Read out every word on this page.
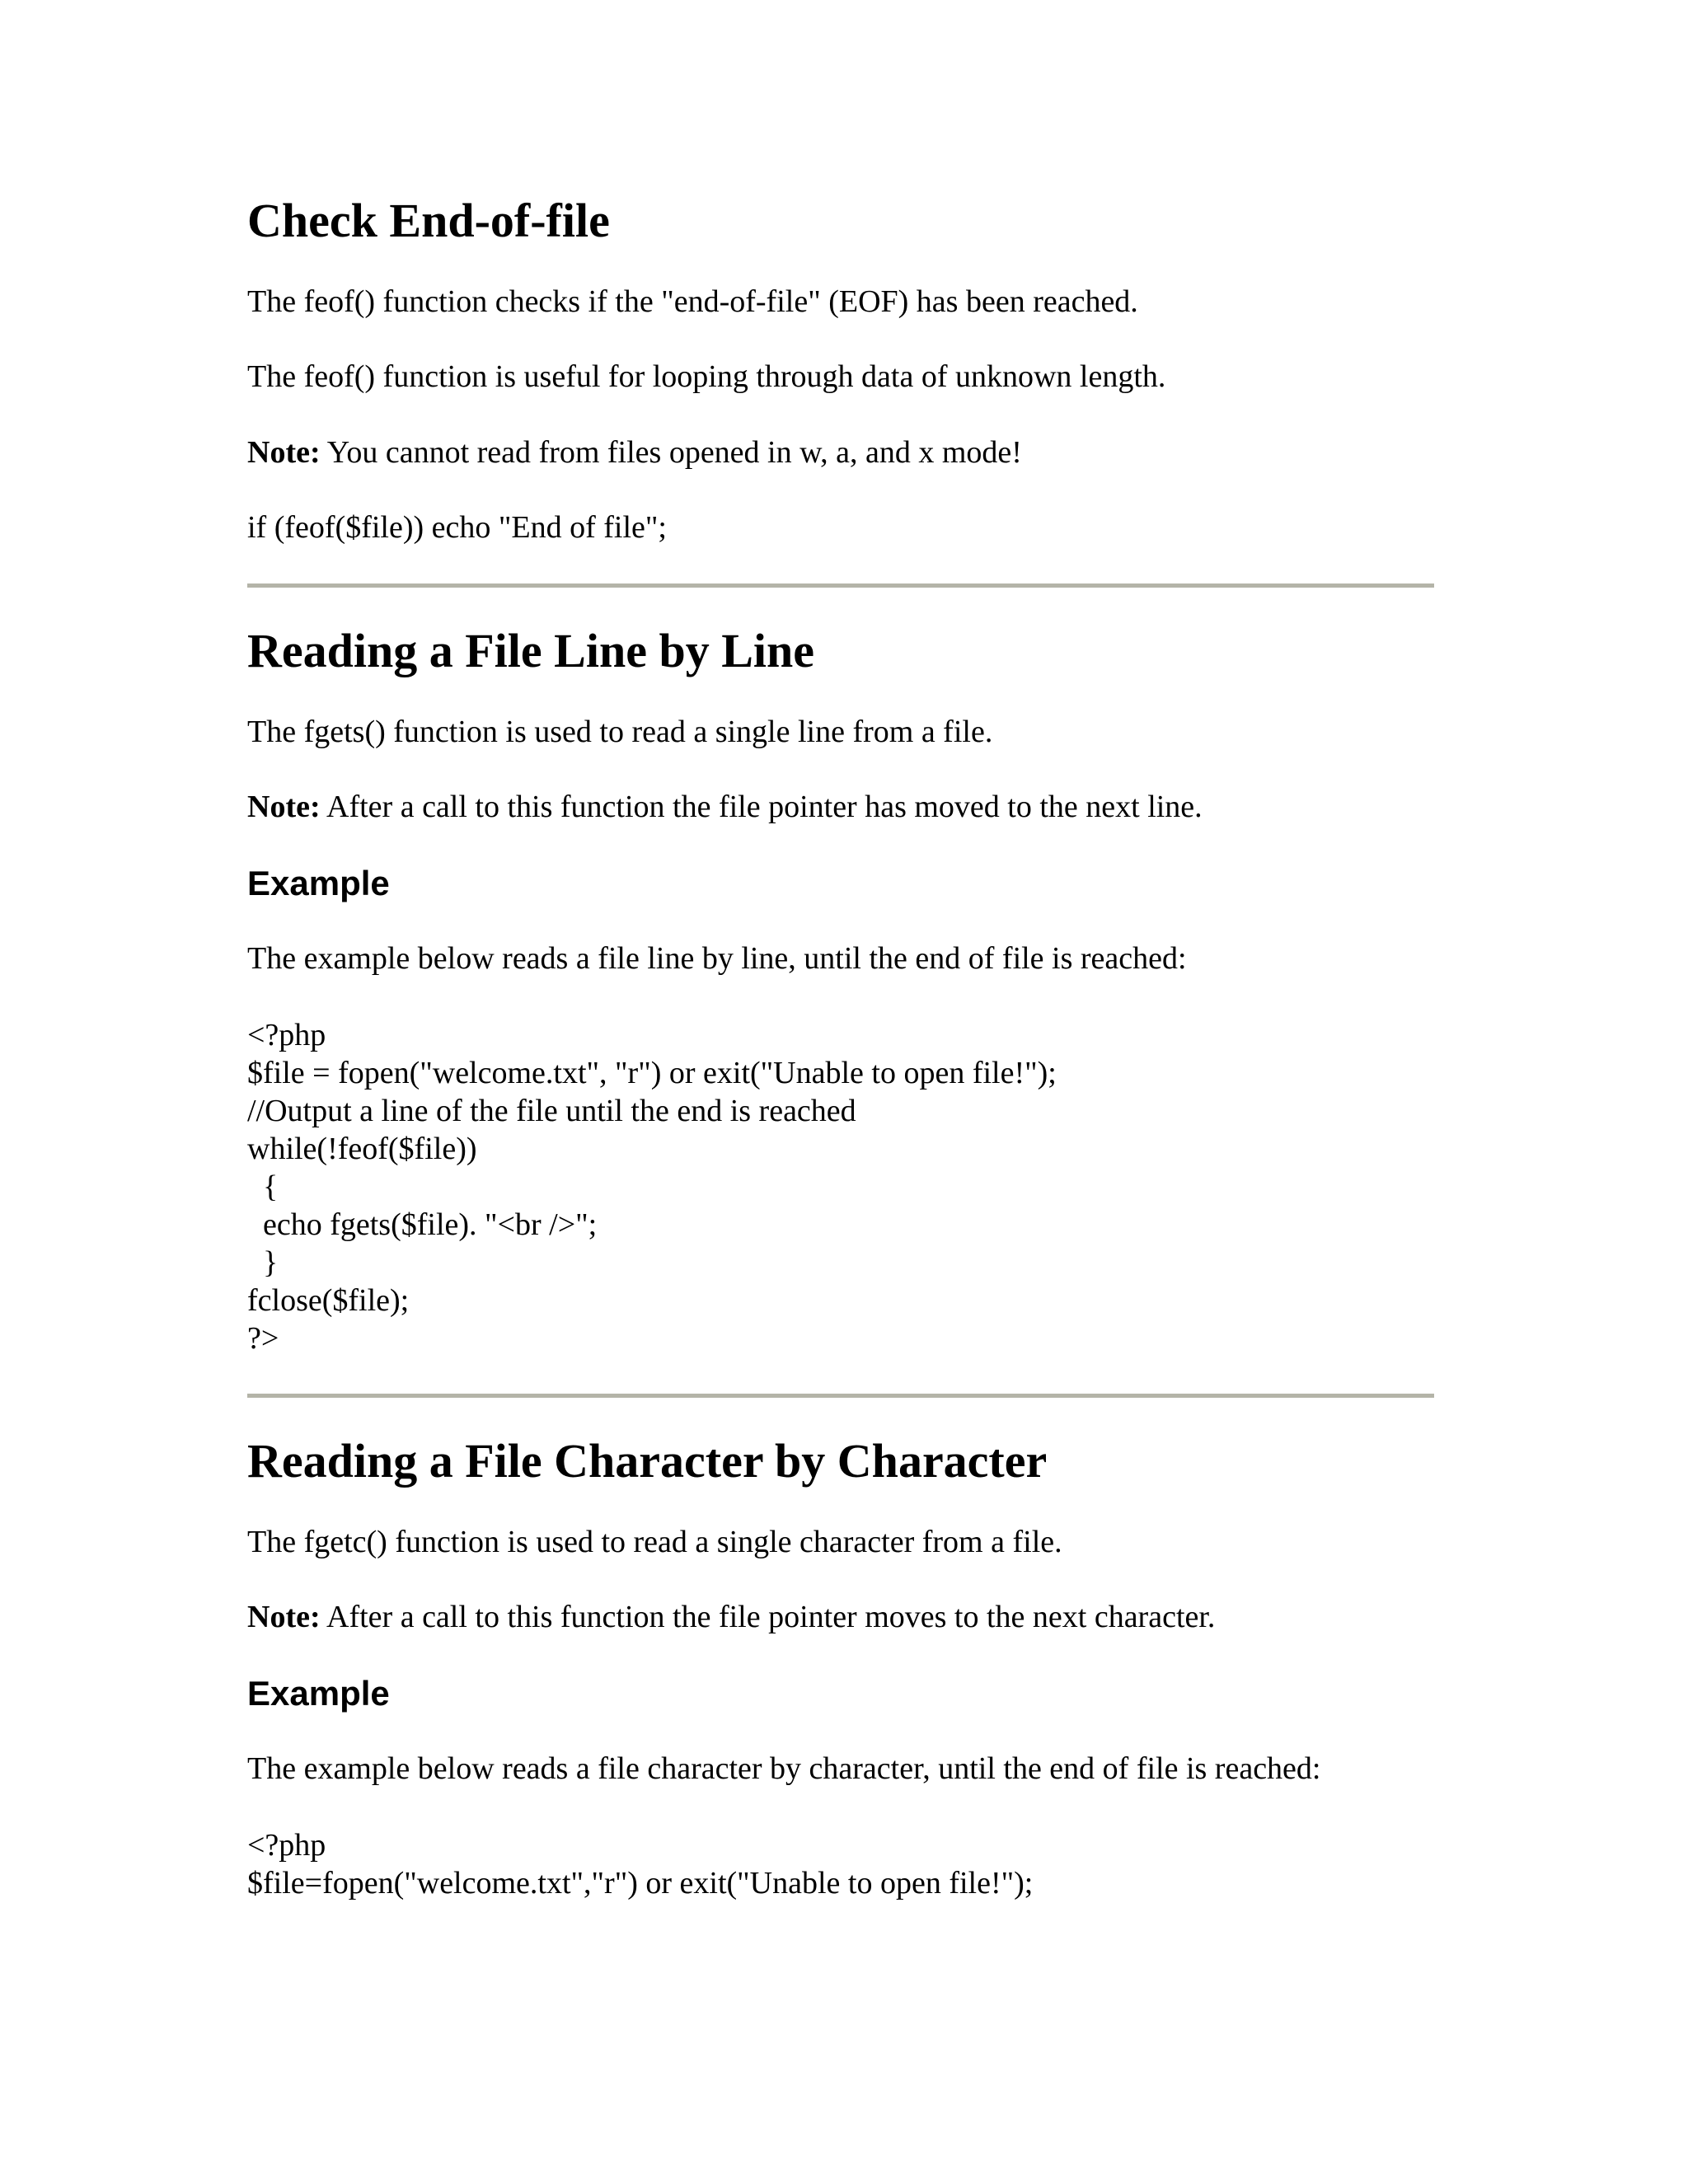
Check End-of-file

The feof() function checks if the "end-of-file" (EOF) has been reached.

The feof() function is useful for looping through data of unknown length.

Note: You cannot read from files opened in w, a, and x mode!

if (feof($file)) echo "End of file";

Reading a File Line by Line

The fgets() function is used to read a single line from a file.

Note: After a call to this function the file pointer has moved to the next line.

Example

The example below reads a file line by line, until the end of file is reached:

<?php
$file = fopen("welcome.txt", "r") or exit("Unable to open file!");
//Output a line of the file until the end is reached
while(!feof($file))
{
echo fgets($file). "<br />";
}
fclose($file);
?>
Reading a File Character by Character

The fgetc() function is used to read a single character from a file.

Note: After a call to this function the file pointer moves to the next character.

Example

The example below reads a file character by character, until the end of file is reached:

<?php
$file=fopen("welcome.txt","r") or exit("Unable to open file!");
